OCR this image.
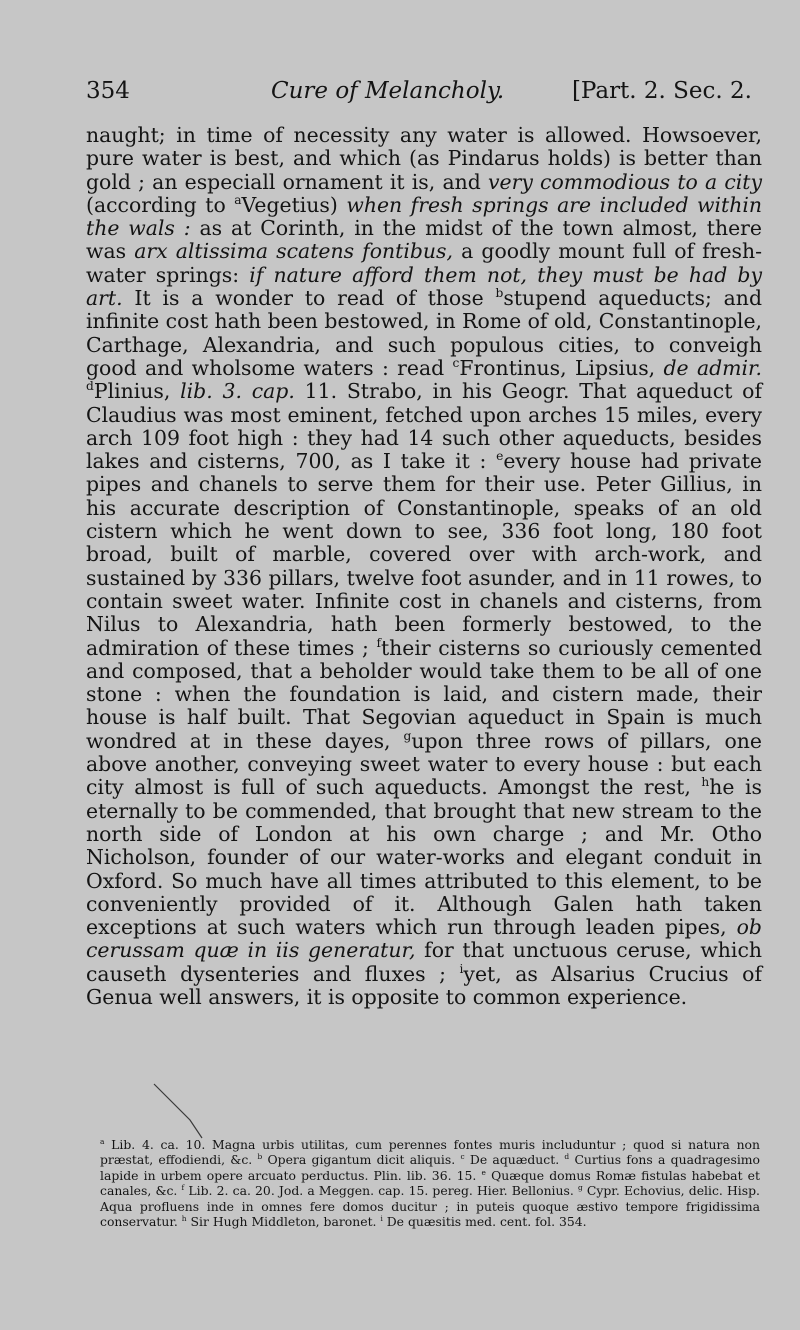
354	Cure of Melancholy.	[Part. 2. Sec. 2.

naught; in time of necessity any water is allowed. Howsoever, pure water is best, and which (as Pindarus holds) is better than gold ; an especiall ornament it is, and very commodious to a city (according to $^a$Vegetius) when fresh springs are included within the wals : as at Corinth, in the midst of the town almost, there was arx altissima scatens fontibus, a goodly mount full of fresh-water springs: if nature afford them not, they must be had by art. It is a wonder to read of those $^b$stupend aqueducts; and infinite cost hath been bestowed, in Rome of old, Constantinople, Carthage, Alexandria, and such populous cities, to conveigh good and wholsome waters : read $^c$Frontinus, Lipsius, de admir. $^d$Plinius, lib. 3. cap. 11. Strabo, in his Geogr. That aqueduct of Claudius was most eminent, fetched upon arches 15 miles, every arch 109 foot high : they had 14 such other aqueducts, besides lakes and cisterns, 700, as I take it : $^e$every house had private pipes and chanels to serve them for their use. Peter Gillius, in his accurate description of Constantinople, speaks of an old cistern which he went down to see, 336 foot long, 180 foot broad, built of marble, covered over with arch-work, and sustained by 336 pillars, twelve foot asunder, and in 11 rowes, to contain sweet water. Infinite cost in chanels and cisterns, from Nilus to Alexandria, hath been formerly bestowed, to the admiration of these times ; $^f$their cisterns so curiously cemented and composed, that a beholder would take them to be all of one stone : when the foundation is laid, and cistern made, their house is half built. That Segovian aqueduct in Spain is much wondred at in these dayes, $^g$upon three rows of pillars, one above another, conveying sweet water to every house : but each city almost is full of such aqueducts. Amongst the rest, $^h$he is eternally to be commended, that brought that new stream to the north side of London at his own charge ; and Mr. Otho Nicholson, founder of our water-works and elegant conduit in Oxford. So much have all times attributed to this element, to be conveniently provided of it. Although Galen hath taken exceptions at such waters which run through leaden pipes, ob cerussam quæ in iis generatur, for that unctuous ceruse, which causeth dysenteries and fluxes ; $^i$yet, as Alsarius Crucius of Genua well answers, it is opposite to common experience.

$^a$ Lib. 4. ca. 10. Magna urbis utilitas, cum perennes fontes muris includuntur ; quod si natura non præstat, effodiendi, &c. $^b$ Opera gigantum dicit aliquis. $^c$ De aquæduct. $^d$ Curtius fons a quadragesimo lapide in urbem opere arcuato perductus. Plin. lib. 36. 15. $^e$ Quæque domus Romæ fistulas habebat et canales, &c. $^f$ Lib. 2. ca. 20. Jod. a Meggen. cap. 15. pereg. Hier. Bellonius. $^g$ Cypr. Echovius, delic. Hisp. Aqua profluens inde in omnes fere domos ducitur ; in puteis quoque æstivo tempore frigidissima conservatur. $^h$ Sir Hugh Middleton, baronet. $^i$ De quæsitis med. cent. fol. 354.
